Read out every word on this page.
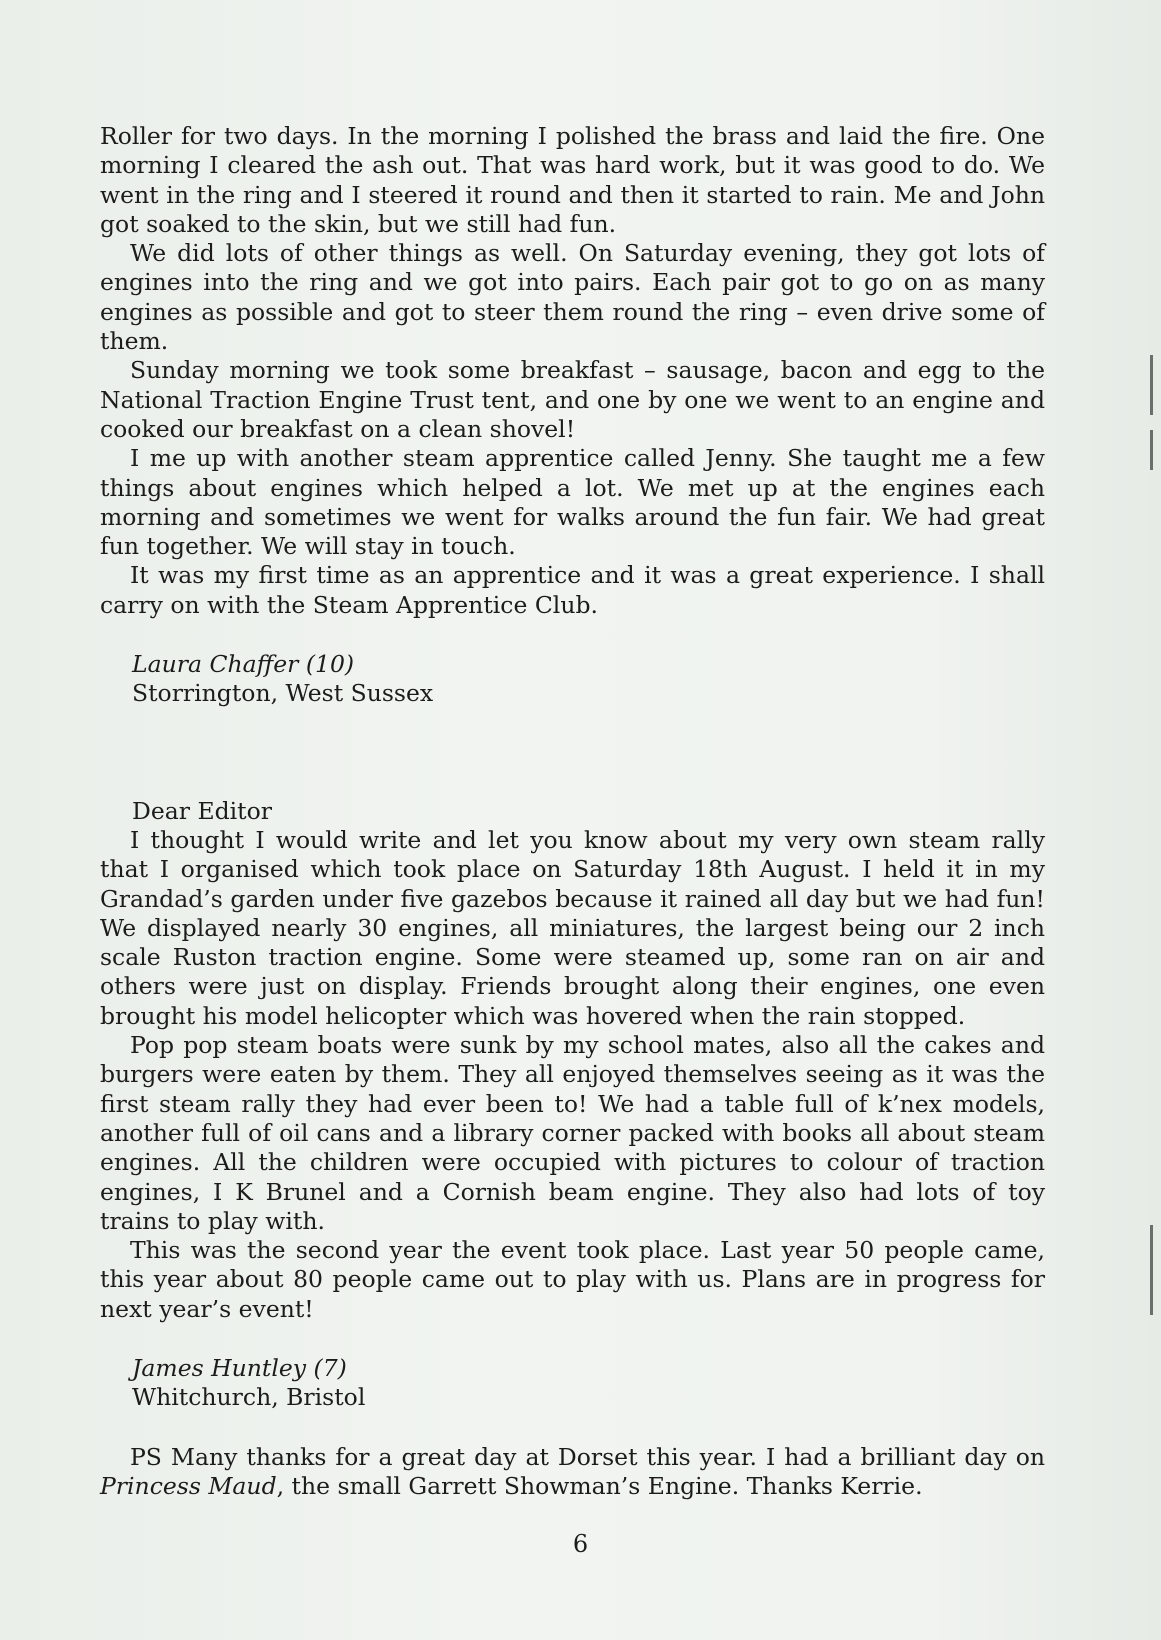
Roller for two days. In the morning I polished the brass and laid the fire. One morning I cleared the ash out. That was hard work, but it was good to do. We went in the ring and I steered it round and then it started to rain. Me and John got soaked to the skin, but we still had fun.

We did lots of other things as well. On Saturday evening, they got lots of engines into the ring and we got into pairs. Each pair got to go on as many engines as possible and got to steer them round the ring – even drive some of them.

Sunday morning we took some breakfast – sausage, bacon and egg to the National Traction Engine Trust tent, and one by one we went to an engine and cooked our breakfast on a clean shovel!

I me up with another steam apprentice called Jenny. She taught me a few things about engines which helped a lot. We met up at the engines each morning and sometimes we went for walks around the fun fair. We had great fun together. We will stay in touch.

It was my first time as an apprentice and it was a great experience. I shall carry on with the Steam Apprentice Club.

Laura Chaffer (10)
Storrington, West Sussex
Dear Editor

I thought I would write and let you know about my very own steam rally that I organised which took place on Saturday 18th August. I held it in my Grandad’s garden under five gazebos because it rained all day but we had fun! We displayed nearly 30 engines, all miniatures, the largest being our 2 inch scale Ruston traction engine. Some were steamed up, some ran on air and others were just on display. Friends brought along their engines, one even brought his model helicopter which was hovered when the rain stopped.

Pop pop steam boats were sunk by my school mates, also all the cakes and burgers were eaten by them. They all enjoyed themselves seeing as it was the first steam rally they had ever been to! We had a table full of k’nex models, another full of oil cans and a library corner packed with books all about steam engines. All the children were occupied with pictures to colour of traction engines, I K Brunel and a Cornish beam engine. They also had lots of toy trains to play with.

This was the second year the event took place. Last year 50 people came, this year about 80 people came out to play with us. Plans are in progress for next year’s event!

James Huntley (7)
Whitchurch, Bristol

PS Many thanks for a great day at Dorset this year. I had a brilliant day on Princess Maud, the small Garrett Showman’s Engine. Thanks Kerrie.

6
